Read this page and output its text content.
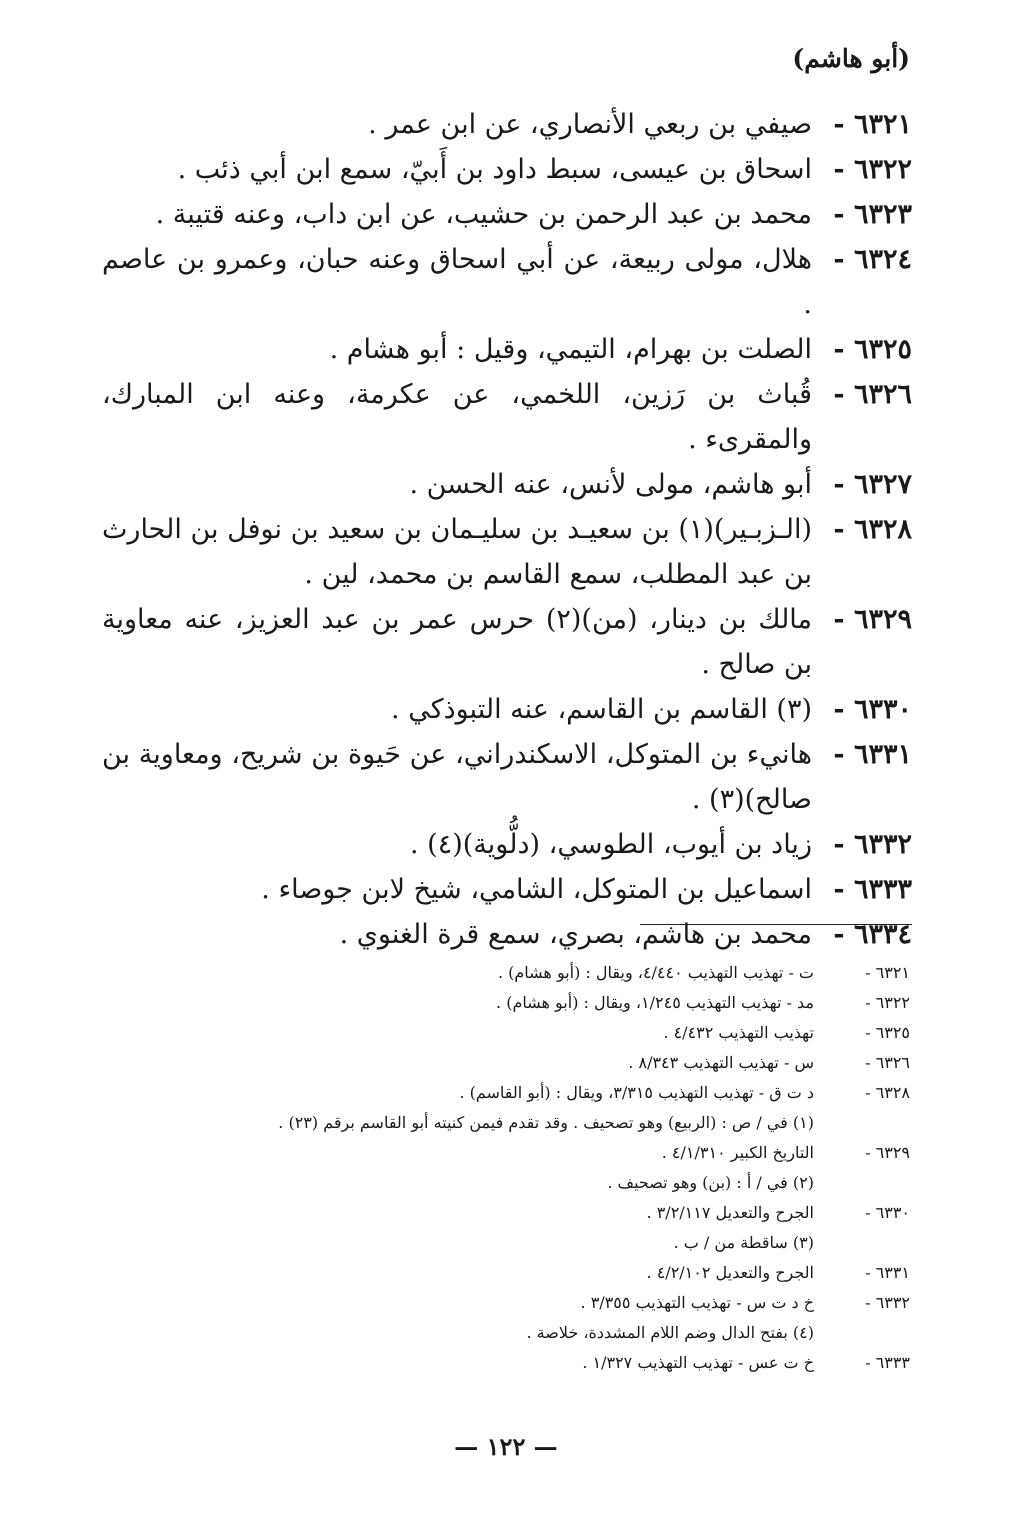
(أبو هاشم)
٦٣٢١ -
صيفي بن ربعي الأنصاري، عن ابن عمر .
٦٣٢٢ -
اسحاق بن عيسى، سبط داود بن أَبيّ، سمع ابن أبي ذئب .
٦٣٢٣ -
محمد بن عبد الرحمن بن حشيب، عن ابن داب، وعنه قتيبة .
٦٣٢٤ -
هلال، مولى ربيعة، عن أبي اسحاق وعنه حبان، وعمرو بن عاصم .
٦٣٢٥ -
الصلت بن بهرام، التيمي، وقيل : أبو هشام .
٦٣٢٦ -
قُباث بن رَزين، اللخمي، عن عكرمة، وعنه ابن المبارك، والمقرىء .
٦٣٢٧ -
أبو هاشم، مولى لأنس، عنه الحسن .
٦٣٢٨ -
(الـزبـير)(١) بن سعيـد بن سليـمان بن سعيد بن نوفل بن الحارث بن عبد المطلب، سمع القاسم بن محمد، لين .
٦٣٢٩ -
مالك بن دينار، (من)(٢) حرس عمر بن عبد العزيز، عنه معاوية بن صالح .
٦٣٣٠ -
(٣) القاسم بن القاسم، عنه التبوذكي .
٦٣٣١ -
هانيء بن المتوكل، الاسكندراني، عن حَيوة بن شريح، ومعاوية بن صالح)(٣) .
٦٣٣٢ -
زياد بن أيوب، الطوسي، (دلُّوية)(٤) .
٦٣٣٣ -
اسماعيل بن المتوكل، الشامي، شيخ لابن جوصاء .
٦٣٣٤ -
محمد بن هاشم، بصري، سمع قرة الغنوي .
٦٣٢١ -
ت - تهذيب التهذيب ٤/٤٤٠، ويقال : (أبو هشام) .
٦٣٢٢ -
مد - تهذيب التهذيب ١/٢٤٥، ويقال : (أبو هشام) .
٦٣٢٥ -
تهذيب التهذيب ٤/٤٣٢ .
٦٣٢٦ -
س - تهذيب التهذيب ٨/٣٤٣ .
٦٣٢٨ -
د ت ق - تهذيب التهذيب ٣/٣١٥، ويقال : (أبو القاسم) .
(١) في / ص : (الربيع) وهو تصحيف . وقد تقدم فيمن كنيته أبو القاسم برقم (٢٣) .
٦٣٢٩ -
التاريخ الكبير ٤/١/٣١٠ .
(٢) في / أ : (بن) وهو تصحيف .
٦٣٣٠ -
الجرح والتعديل ٣/٢/١١٧ .
(٣) ساقطة من / ب .
٦٣٣١ -
الجرح والتعديل ٤/٢/١٠٢ .
٦٣٣٢ -
خ د ت س - تهذيب التهذيب ٣/٣٥٥ .
(٤) بفتح الدال وضم اللام المشددة، خلاصة .
٦٣٣٣ -
خ ت عس - تهذيب التهذيب ١/٣٢٧ .
— ١٢٢ —
